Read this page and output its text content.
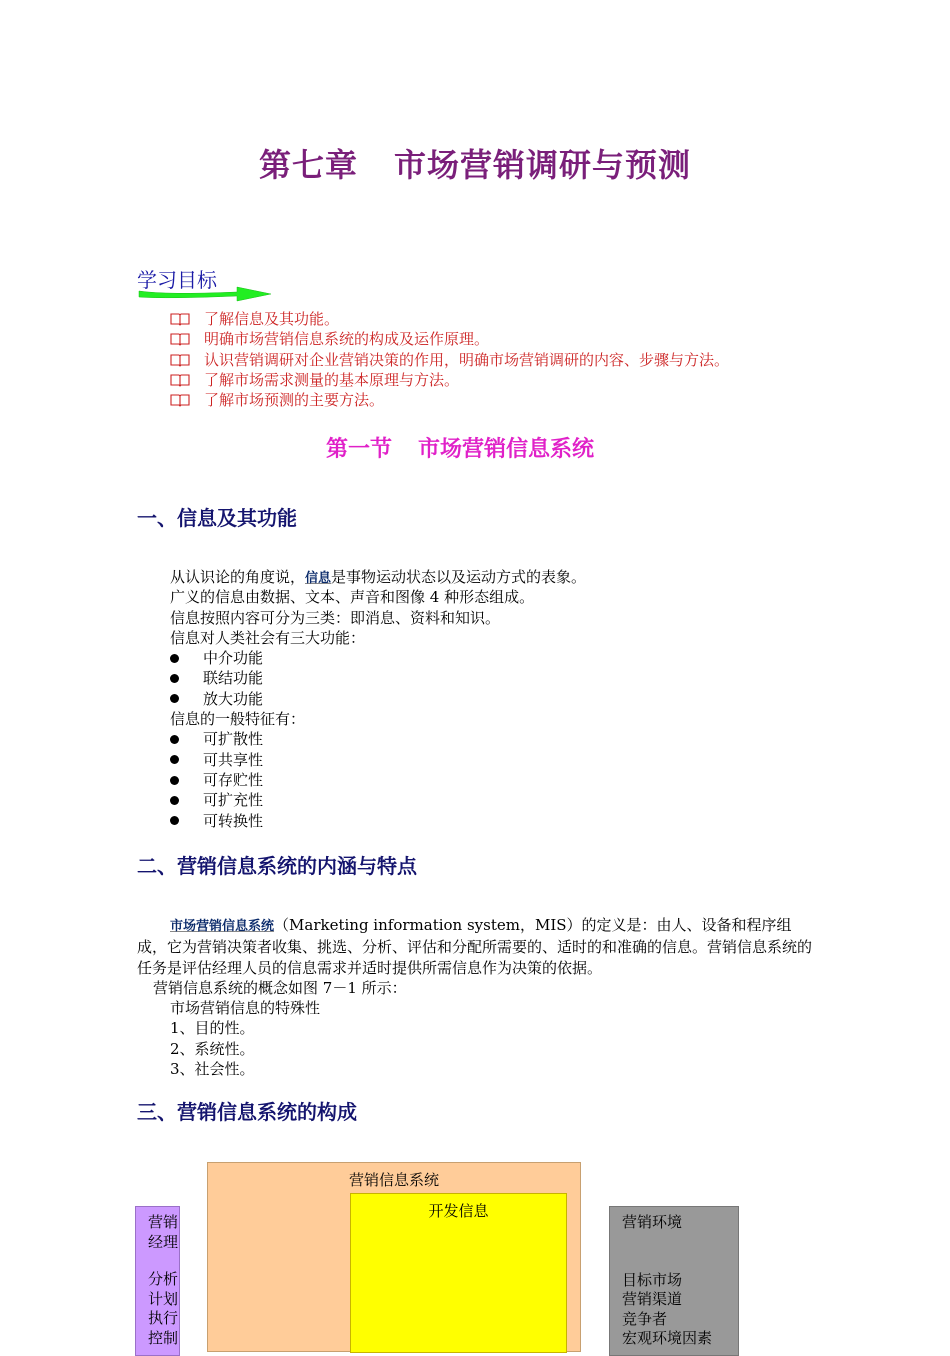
第七章 市场营销调研与预测
学习目标
了解信息及其功能。
明确市场营销信息系统的构成及运作原理。
认识营销调研对企业营销决策的作用，明确市场营销调研的内容、步骤与方法。
了解市场需求测量的基本原理与方法。
了解市场预测的主要方法。
第一节 市场营销信息系统
一、信息及其功能
从认识论的角度说，信息是事物运动状态以及运动方式的表象。
广义的信息由数据、文本、声音和图像 4 种形态组成。
信息按照内容可分为三类：即消息、资料和知识。
信息对人类社会有三大功能：
中介功能
联结功能
放大功能
信息的一般特征有：
可扩散性
可共享性
可存贮性
可扩充性
可转换性
二、营销信息系统的内涵与特点

市场营销信息系统（Marketing information system，MIS）的定义是：由人、设备和程序组成，它为营销决策者收集、挑选、分析、评估和分配所需要的、适时的和准确的信息。营销信息系统的任务是评估经理人员的信息需求并适时提供所需信息作为决策的依据。

营销信息系统的概念如图 7－1 所示：

市场营销信息的特殊性

1、目的性。

2、系统性。

3、社会性。

三、营销信息系统的构成
营销信息系统
开发信息
营销
经理
分析
计划
执行
控制
营销环境
目标市场
营销渠道
竞争者
宏观环境因素
